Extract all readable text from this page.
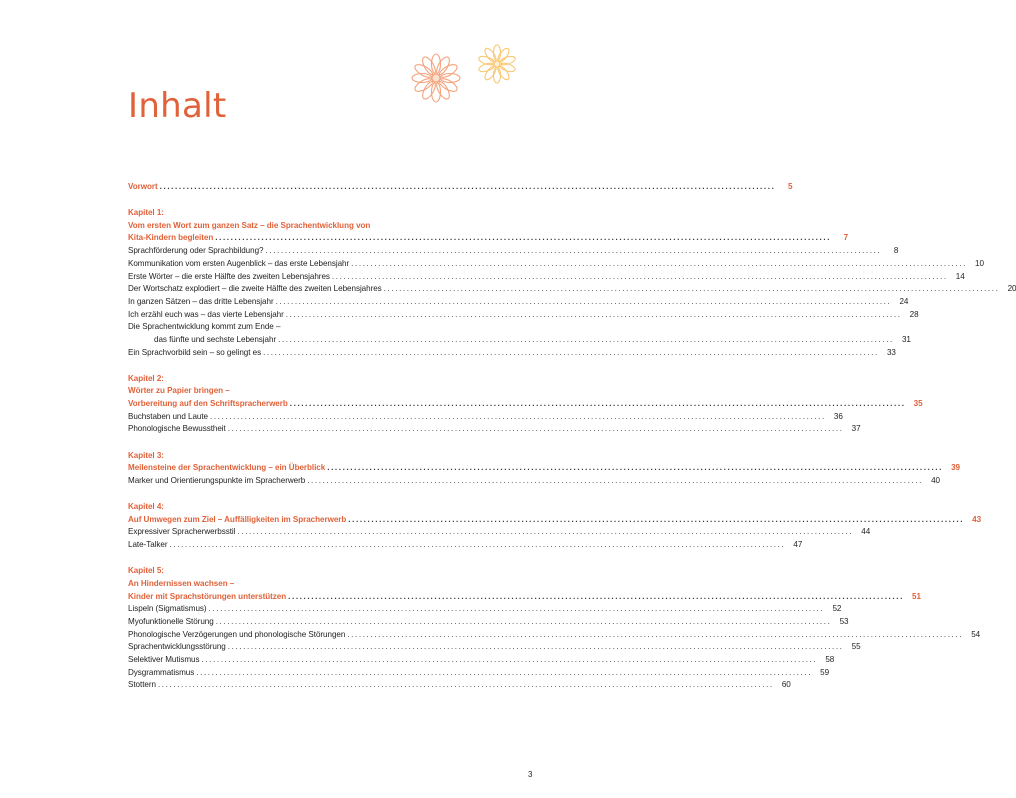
Inhalt
Vorwort ................................................................................................................................................................	5
Kapitel 1:
Vom ersten Wort zum ganzen Satz – die Sprachentwicklung von
Kita-Kindern begleiten ................................................................................................................................................................	7
Sprachförderung oder Sprachbildung? ................................................................................................................................................................	8
Kommunikation vom ersten Augenblick – das erste Lebensjahr ................................................................................................................................................................ 10
Erste Wörter – die erste Hälfte des zweiten Lebensjahres ................................................................................................................................................................ 14
Der Wortschatz explodiert – die zweite Hälfte des zweiten Lebensjahres ................................................................................................................................................................ 20
In ganzen Sätzen – das dritte Lebensjahr ................................................................................................................................................................ 24
Ich erzähl euch was – das vierte Lebensjahr ................................................................................................................................................................ 28
Die Sprachentwicklung kommt zum Ende –
das fünfte und sechste Lebensjahr ................................................................................................................................................................ 31
Ein Sprachvorbild sein – so gelingt es ................................................................................................................................................................ 33
Kapitel 2:
Wörter zu Papier bringen –
Vorbereitung auf den Schriftspracherwerb ................................................................................................................................................................ 35
Buchstaben und Laute ................................................................................................................................................................ 36
Phonologische Bewusstheit ................................................................................................................................................................ 37
Kapitel 3:
Meilensteine der Sprachentwicklung – ein Überblick ................................................................................................................................................................ 39
Marker und Orientierungspunkte im Spracherwerb ................................................................................................................................................................ 40
Kapitel 4:
Auf Umwegen zum Ziel – Auffälligkeiten im Spracherwerb ................................................................................................................................................................ 43
Expressiver Spracherwerbsstil ................................................................................................................................................................ 44
Late-Talker ................................................................................................................................................................ 47
Kapitel 5:
An Hindernissen wachsen –
Kinder mit Sprachstörungen unterstützen ................................................................................................................................................................ 51
Lispeln (Sigmatismus) ................................................................................................................................................................ 52
Myofunktionelle Störung ................................................................................................................................................................ 53
Phonologische Verzögerungen und phonologische Störungen ................................................................................................................................................................ 54
Sprachentwicklungsstörung ................................................................................................................................................................ 55
Selektiver Mutismus ................................................................................................................................................................ 58
Dysgrammatismus ................................................................................................................................................................ 59
Stottern ................................................................................................................................................................ 60
3
